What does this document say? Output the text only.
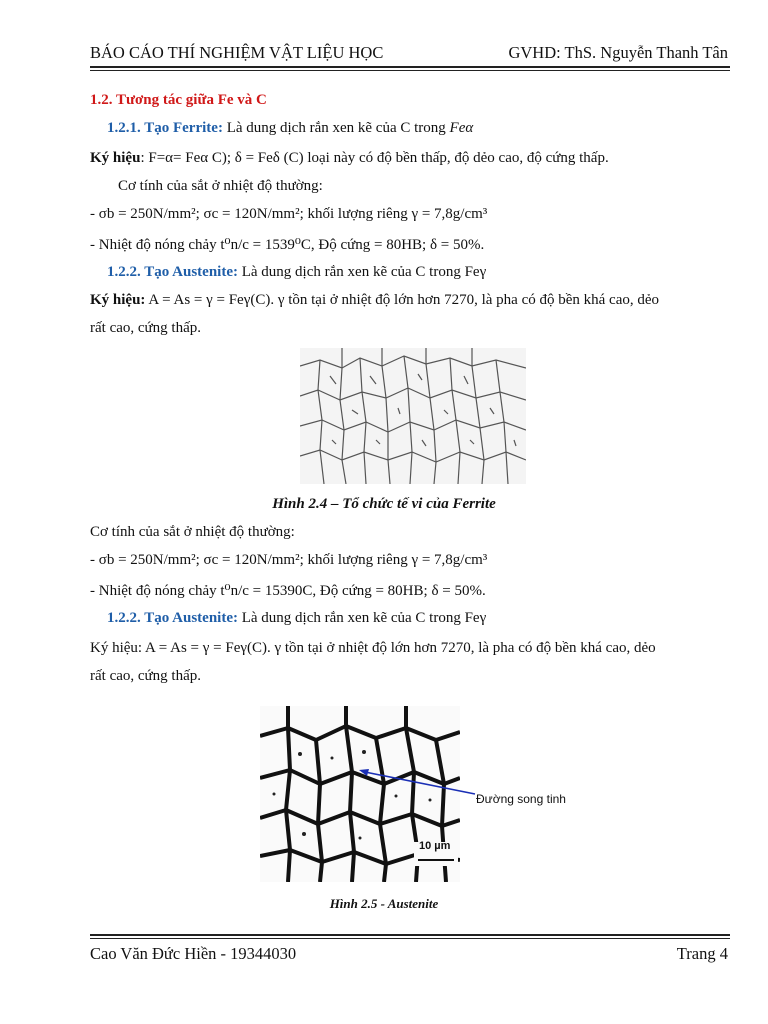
BÁO CÁO THÍ NGHIỆM VẬT LIỆU HỌC	GVHD: ThS. Nguyễn Thanh Tân
1.2. Tương tác giữa Fe và C
1.2.1. Tạo Ferrite: Là dung dịch rắn xen kẽ của C trong Feα
Ký hiệu: F=α= Feα C); δ = Feδ (C) loại này có độ bền thấp, độ dẻo cao, độ cứng thấp.
Cơ tính của sắt ở nhiệt độ thường:
- σb = 250N/mm²; σc = 120N/mm²; khối lượng riêng γ = 7,8g/cm³
- Nhiệt độ nóng chảy t⁰n/c = 1539⁰C, Độ cứng = 80HB; δ = 50%.
1.2.2. Tạo Austenite: Là dung dịch rắn xen kẽ của C trong Feγ
Ký hiệu: A = As = γ = Feγ(C). γ tồn tại ở nhiệt độ lớn hơn 7270, là pha có độ bền khá cao, dẻo
rất cao, cứng thấp.
Hình 2.4 – Tổ chức tế vi của Ferrite
Cơ tính của sắt ở nhiệt độ thường:
- σb = 250N/mm²; σc = 120N/mm²; khối lượng riêng γ = 7,8g/cm³
- Nhiệt độ nóng chảy t⁰n/c = 15390C, Độ cứng = 80HB; δ = 50%.
1.2.2. Tạo Austenite: Là dung dịch rắn xen kẽ của C trong Feγ
Ký hiệu: A = As = γ = Feγ(C). γ tồn tại ở nhiệt độ lớn hơn 7270, là pha có độ bền khá cao, dẻo
rất cao, cứng thấp.
10 µm
Đường song tinh
Hình 2.5 - Austenite
Cao Văn Đức Hiền - 19344030	Trang 4
